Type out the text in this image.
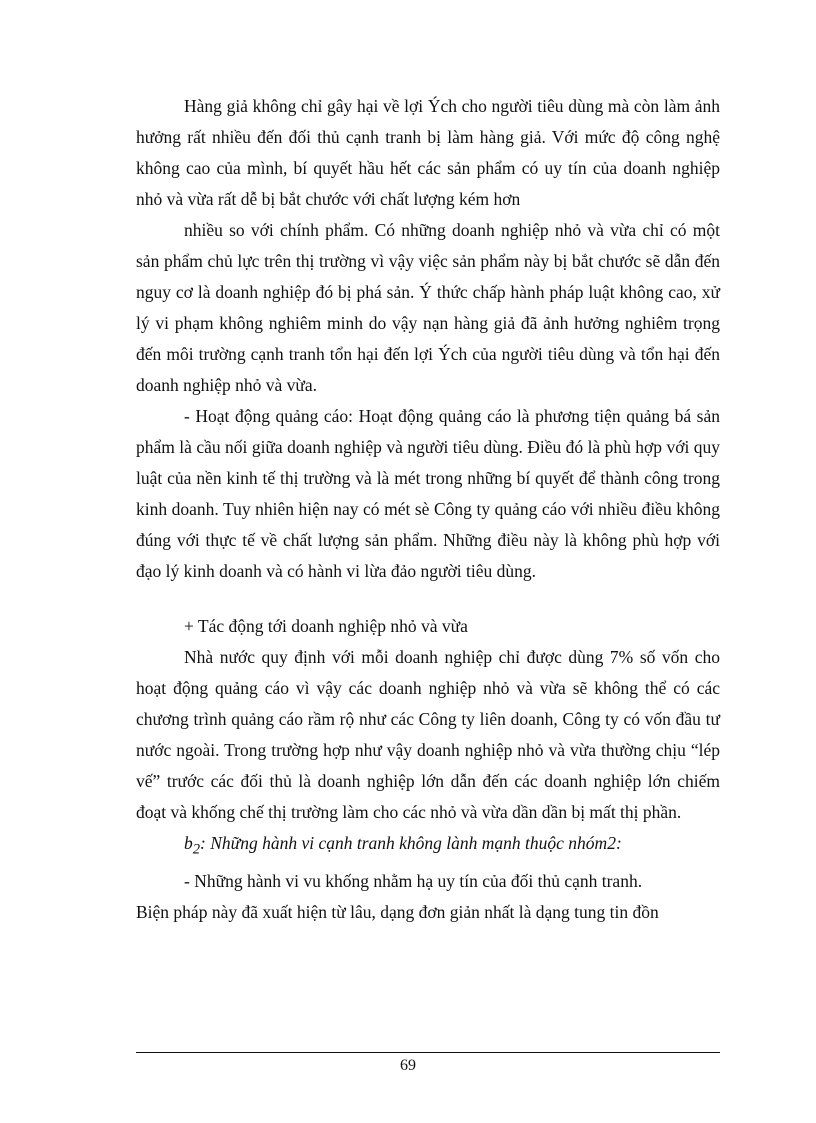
Hàng giả không chỉ gây hại về lợi Ých cho người tiêu dùng mà còn làm ảnh hưởng rất nhiều đến đối thủ cạnh tranh bị làm hàng giả. Với mức độ công nghệ không cao của mình, bí quyết hầu hết các sản phẩm có uy tín của doanh nghiệp nhỏ và vừa rất dễ bị bắt chước với chất lượng kém hơn

nhiều so với chính phẩm. Có những doanh nghiệp nhỏ và vừa chỉ có một sản phẩm chủ lực trên thị trường vì vậy việc sản phẩm này bị bắt chước sẽ dẫn đến nguy cơ là doanh nghiệp đó bị phá sản. Ý thức chấp hành pháp luật không cao, xử lý vi phạm không nghiêm minh do vậy nạn hàng giả đã ảnh hưởng nghiêm trọng đến môi trường cạnh tranh tổn hại đến lợi Ých của người tiêu dùng và tổn hại đến doanh nghiệp nhỏ và vừa.

- Hoạt động quảng cáo: Hoạt động quảng cáo là phương tiện quảng bá sản phẩm là cầu nối giữa doanh nghiệp và người tiêu dùng. Điều đó là phù hợp với quy luật của nền kinh tế thị trường và là mét trong những bí quyết để thành công trong kinh doanh. Tuy nhiên hiện nay có mét sè Công ty quảng cáo với nhiều điều không đúng với thực tế về chất lượng sản phẩm. Những điều này là không phù hợp với đạo lý kinh doanh và có hành vi lừa đảo người tiêu dùng.

+ Tác động tới doanh nghiệp nhỏ và vừa

Nhà nước quy định với mỗi doanh nghiệp chỉ được dùng 7% số vốn cho hoạt động quảng cáo vì vậy các doanh nghiệp nhỏ và vừa sẽ không thể có các chương trình quảng cáo rầm rộ như các Công ty liên doanh, Công ty có vốn đầu tư nước ngoài. Trong trường hợp như vậy doanh nghiệp nhỏ và vừa thường chịu “lép vế” trước các đối thủ là doanh nghiệp lớn dẫn đến các doanh nghiệp lớn chiếm đoạt và khống chế thị trường làm cho các nhỏ và vừa dần dần bị mất thị phần.

$b_2$: Những hành vi cạnh tranh không lành mạnh thuộc nhóm2:

- Những hành vi vu khống nhằm hạ uy tín của đối thủ cạnh tranh.

Biện pháp này đã xuất hiện từ lâu, dạng đơn giản nhất là dạng tung tin đồn

69
